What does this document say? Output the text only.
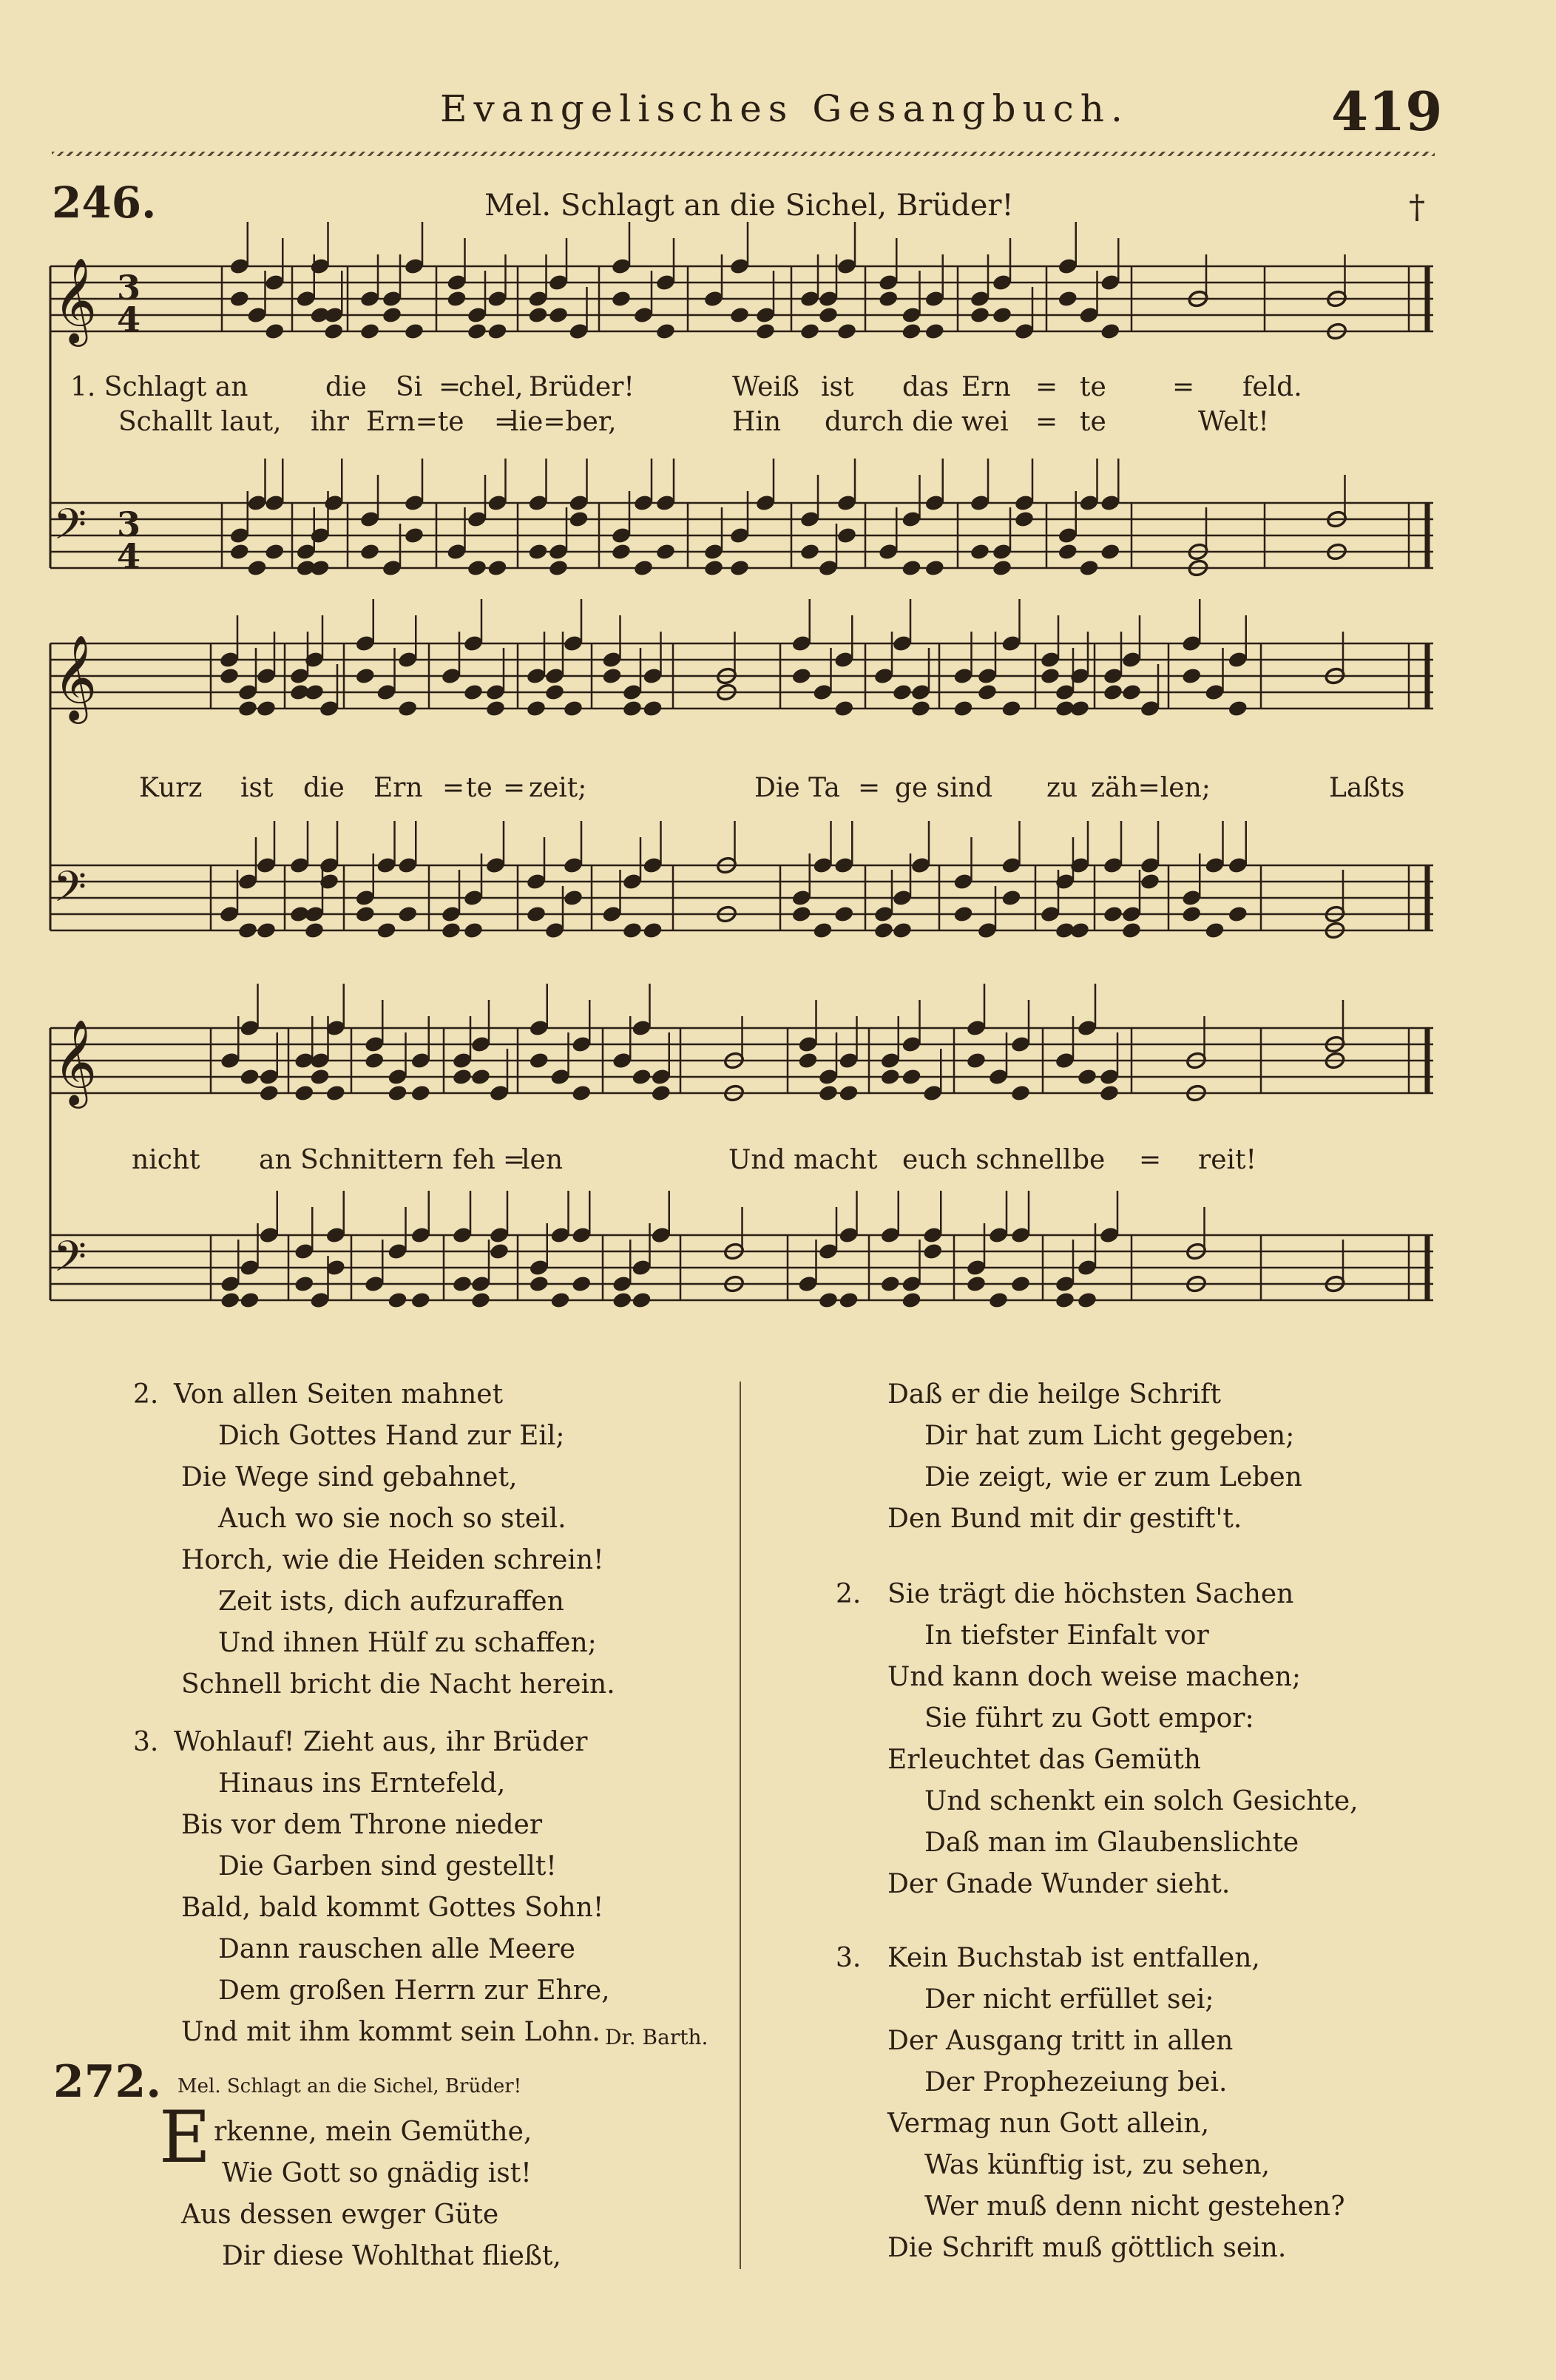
Evangelisches Gesangbuch.	419
246.	Mel. Schlagt an die Sichel, Brüder!	†
𝄞 3
4
𝄢 3
4
𝄞
𝄢
𝄞
𝄢
1. Schlagt an	die Si =
chel, Brüder!	Weiß ist das Ern = te = feld.
Schallt laut, ihr Ern=te =
lie=ber,	Hin durch die wei = te	Welt!
Kurz ist die Ern = te = zeit;	Die Ta = ge sind zu zäh=len;	Laßts
nicht an Schnittern feh =
len	Und macht euch schnell be = reit!

2. Von allen Seiten mahnet

Dich Gottes Hand zur Eil;

Die Wege sind gebahnet,

Auch wo sie noch so steil.

Horch, wie die Heiden schrein!

Zeit ists, dich aufzuraffen

Und ihnen Hülf zu schaffen;

Schnell bricht die Nacht herein.

3. Wohlauf! Zieht aus, ihr Brüder

Hinaus ins Erntefeld,

Bis vor dem Throne nieder

Die Garben sind gestellt!

Bald, bald kommt Gottes Sohn!

Dann rauschen alle Meere

Dem großen Herrn zur Ehre,

Und mit ihm kommt sein Lohn. Dr. Barth.
272. Mel. Schlagt an die Sichel, Brüder!

Erkenne, mein Gemüthe,

Wie Gott so gnädig ist!

Aus dessen ewger Güte

Dir diese Wohlthat fließt,

Daß er die heilge Schrift

Dir hat zum Licht gegeben;

Die zeigt, wie er zum Leben

Den Bund mit dir gestift't.

2. Sie trägt die höchsten Sachen

In tiefster Einfalt vor

Und kann doch weise machen;

Sie führt zu Gott empor:

Erleuchtet das Gemüth

Und schenkt ein solch Gesichte,

Daß man im Glaubenslichte

Der Gnade Wunder sieht.

3. Kein Buchstab ist entfallen,

Der nicht erfüllet sei;

Der Ausgang tritt in allen

Der Prophezeiung bei.

Vermag nun Gott allein,

Was künftig ist, zu sehen,

Wer muß denn nicht gestehen?

Die Schrift muß göttlich sein.
